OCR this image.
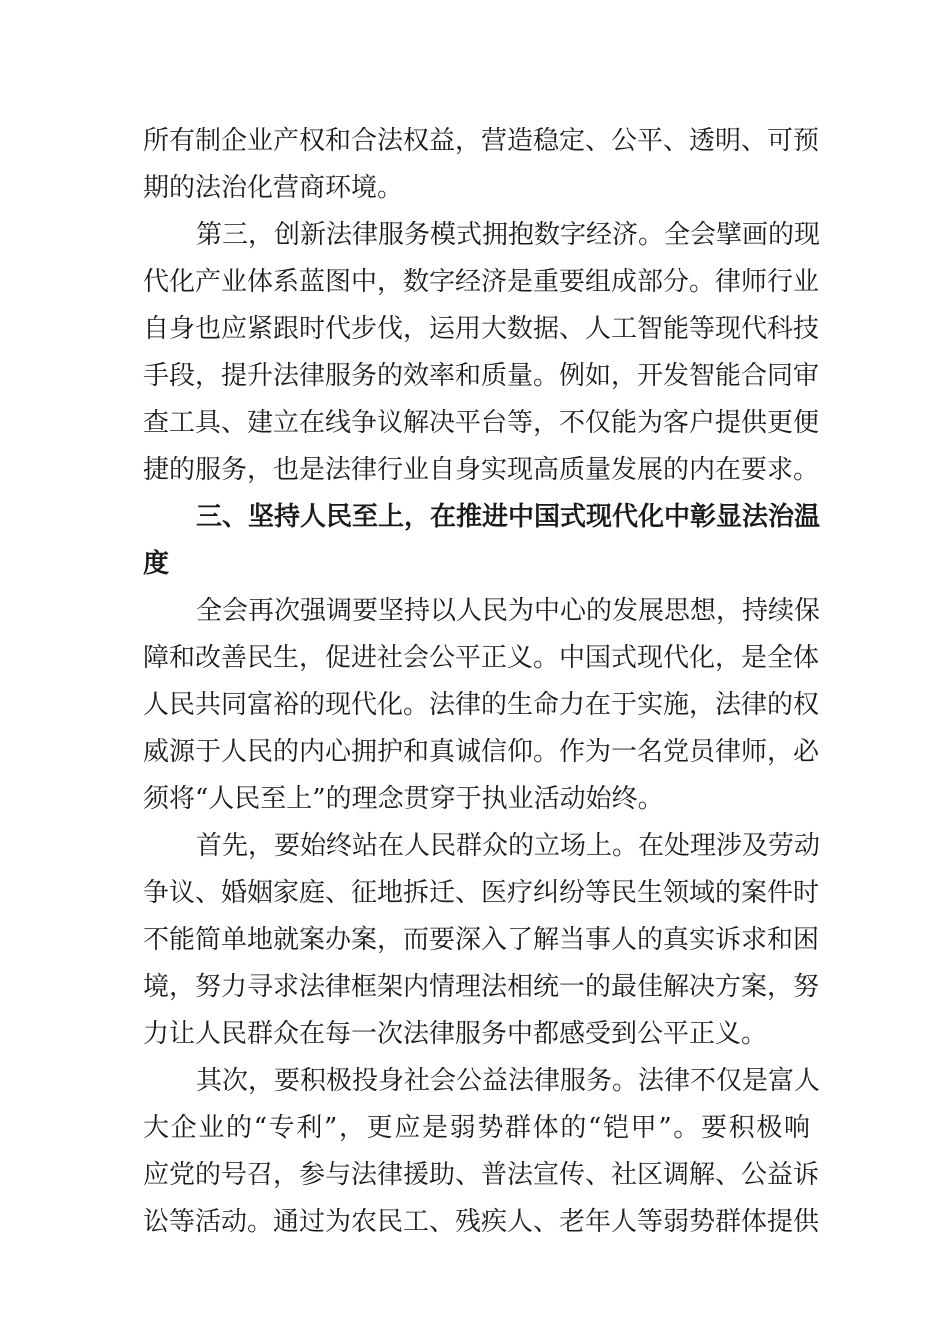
所有制企业产权和合法权益，营造稳定、公平、透明、可预
期的法治化营商环境。
第三，创新法律服务模式拥抱数字经济。全会擘画的现
代化产业体系蓝图中，数字经济是重要组成部分。律师行业
自身也应紧跟时代步伐，运用大数据、人工智能等现代科技
手段，提升法律服务的效率和质量。例如，开发智能合同审
查工具、建立在线争议解决平台等，不仅能为客户提供更便
捷的服务，也是法律行业自身实现高质量发展的内在要求。
三、坚持人民至上，在推进中国式现代化中彰显法治温
度
全会再次强调要坚持以人民为中心的发展思想，持续保
障和改善民生，促进社会公平正义。中国式现代化，是全体
人民共同富裕的现代化。法律的生命力在于实施，法律的权
威源于人民的内心拥护和真诚信仰。作为一名党员律师，必
须将“人民至上”的理念贯穿于执业活动始终。
首先，要始终站在人民群众的立场上。在处理涉及劳动
争议、婚姻家庭、征地拆迁、医疗纠纷等民生领域的案件时
不能简单地就案办案，而要深入了解当事人的真实诉求和困
境，努力寻求法律框架内情理法相统一的最佳解决方案，努
力让人民群众在每一次法律服务中都感受到公平正义。
其次，要积极投身社会公益法律服务。法律不仅是富人
大企业的“专利”，更应是弱势群体的“铠甲”。要积极响
应党的号召，参与法律援助、普法宣传、社区调解、公益诉
讼等活动。通过为农民工、残疾人、老年人等弱势群体提供
